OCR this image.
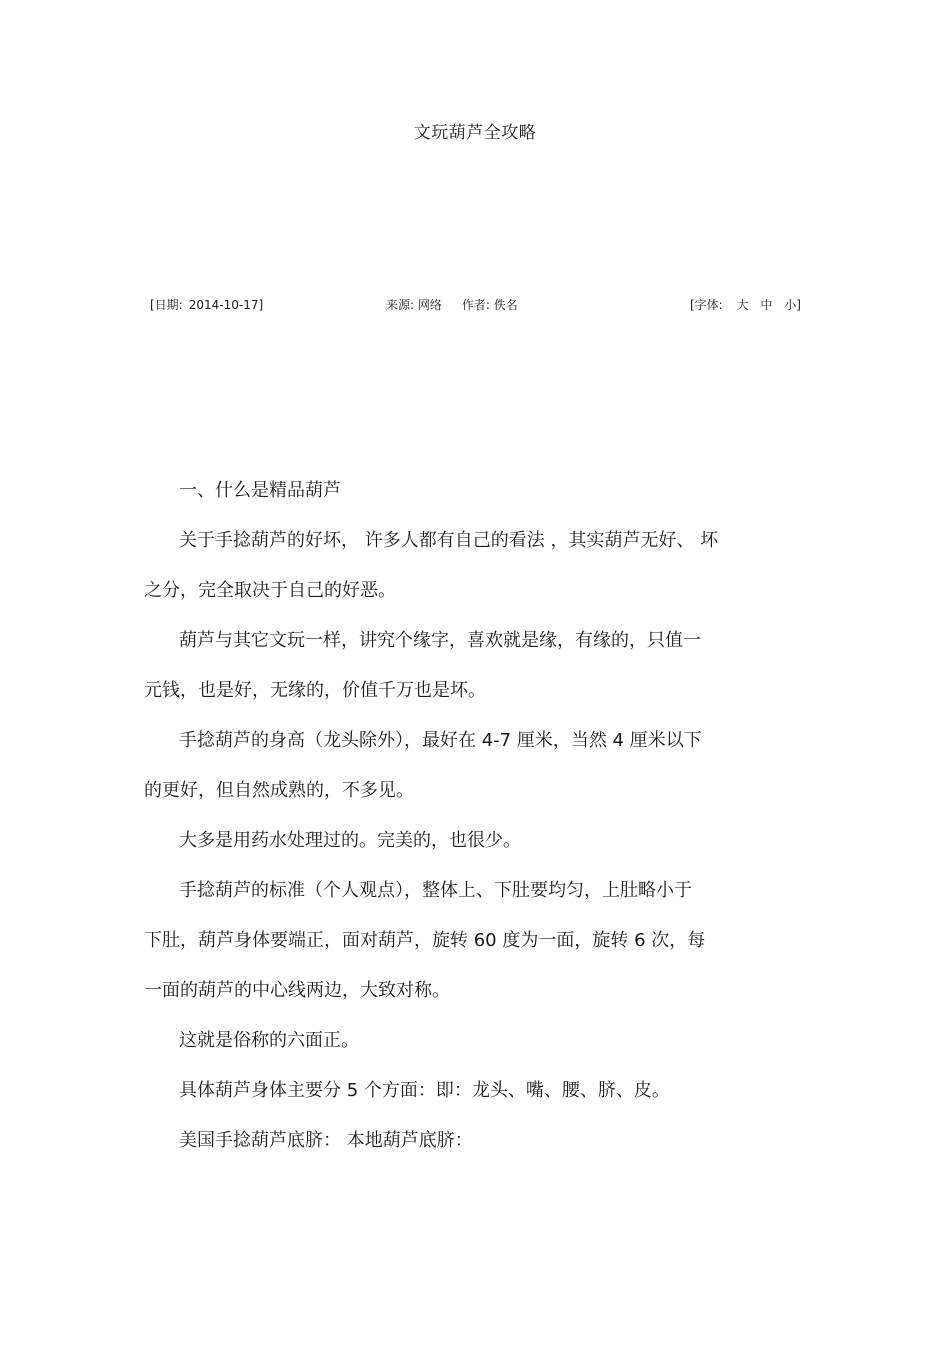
文玩葫芦全攻略
[日期: 2014-10-17]	来源: 网络 作者: 佚名	[字体: 大 中 小]
一、什么是精品葫芦
关于手捻葫芦的好坏， 许多人都有自己的看法 ，其实葫芦无好、 坏
之分，完全取决于自己的好恶。
葫芦与其它文玩一样，讲究个缘字，喜欢就是缘，有缘的，只值一
元钱，也是好，无缘的，价值千万也是坏。
手捻葫芦的身高（龙头除外），最好在 4-7 厘米，当然 4 厘米以下
的更好，但自然成熟的，不多见。
大多是用药水处理过的。完美的，也很少。
手捻葫芦的标准（个人观点），整体上、下肚要均匀，上肚略小于
下肚，葫芦身体要端正，面对葫芦，旋转 60 度为一面，旋转 6 次，每
一面的葫芦的中心线两边，大致对称。
这就是俗称的六面正。
具体葫芦身体主要分 5 个方面：即：龙头、嘴、腰、脐、皮。
美国手捻葫芦底脐： 本地葫芦底脐：
